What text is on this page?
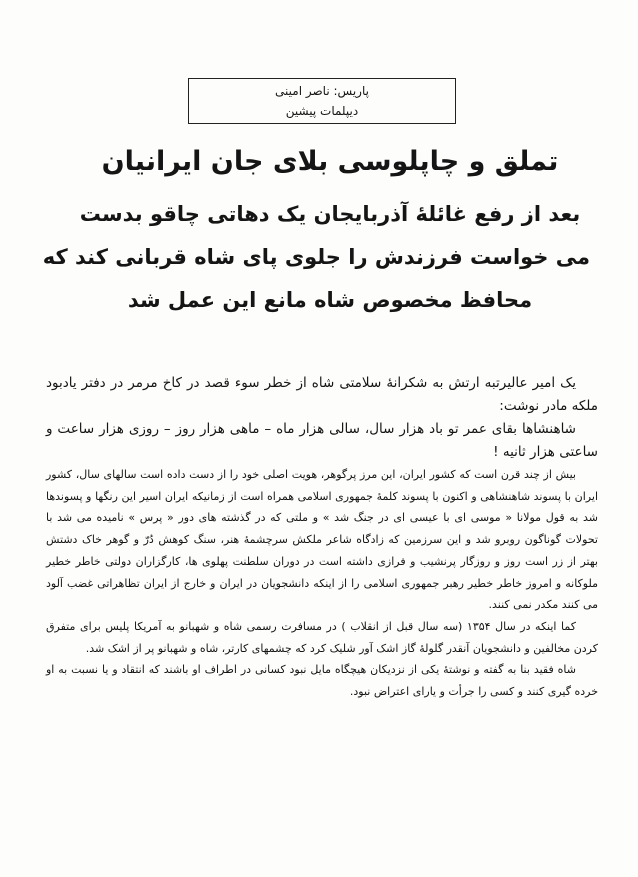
پاریس: ناصر امینی
دیپلمات پیشین
تملق و چاپلوسی بلای جان ایرانیان
بعد از رفع غائلهٔ آذربایجان یک دهاتی چاقو بدست
می خواست فرزندش را جلوی پای شاه قربانی کند که
محافظ مخصوص شاه مانع این عمل شد

یک امیر عالیرتبه ارتش به شکرانهٔ سلامتی شاه از خطر سوء قصد در کاخ مرمر در دفتر یادبود ملکه مادر نوشت:

شاهنشاها بقای عمر تو باد هزار سال، سالی هزار ماه – ماهی هزار روز – روزی هزار ساعت و ساعتی هزار ثانیه !

بیش از چند قرن است که کشور ایران، این مرز پرگوهر، هویت اصلی خود را از دست داده است سالهای سال، کشور ایران با پسوند شاهنشاهی و اکنون با پسوند کلمهٔ جمهوری اسلامی همراه است از زمانیکه ایران اسیر این رنگها و پسوندها شد به قول مولانا « موسی ای با عیسی ای در جنگ شد » و ملتی که در گذشته های دور « پرس » نامیده می شد با تحولات گوناگون روبرو شد و این سرزمین که زادگاه شاعر ملکش سرچشمهٔ هنر، سنگ کوهش دُرّ و گوهر خاک دشتش بهتر از زر است روز و روزگار پرنشیب و فرازی داشته است در دوران سلطنت پهلوی ها، کارگزاران دولتی خاطر خطیر ملوکانه و امروز خاطر خطیر رهبر جمهوری اسلامی را از اینکه دانشجویان در ایران و خارج از ایران تظاهراتی غضب آلود می کنند مکدر نمی کنند.

کما اینکه در سال ۱۳۵۴ (سه سال قبل از انقلاب ) در مسافرت رسمی شاه و شهبانو به آمریکا پلیس برای متفرق کردن مخالفین و دانشجویان آنقدر گلولهٔ گاز اشک آور شلیک کرد که چشمهای کارتر، شاه و شهبانو پر از اشک شد.

شاه فقید بنا به گفته و نوشتهٔ یکی از نزدیکان هیچگاه مایل نبود کسانی در اطراف او باشند که انتقاد و یا نسبت به او خرده گیری کنند و کسی را جرأت و یارای اعتراض نبود.
